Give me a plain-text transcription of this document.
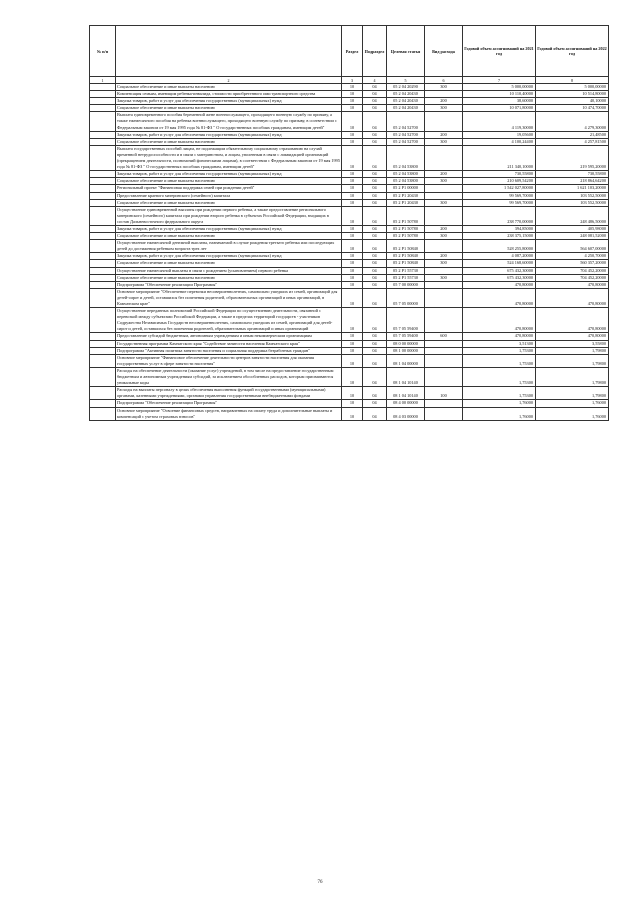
№ п/п		Раздел	Подраздел	Целевая статья	Вид расхода	Годовой объем ассигнований на 2021 год	Годовой объем ассигнований на 2022 год
1	2	3	4	5	6	7	8
	Социальное обеспечение и иные выплаты населению	10	04	05 2 04 20290	300	5 000,00000	5 000,00000
	Компенсация семьям, имеющим ребенка-инвалида, стоимости приобретенного ими транспортного средства	10	04	05 2 04 20430		10 110,40000	10 514,80000
	Закупка товаров, работ и услуг для обеспечения государственных (муниципальных) нужд	10	04	05 2 04 20430	200	38,60000	40,10000
	Социальное обеспечение и иные выплаты населению	10	04	05 2 04 20430	300	10 071,80000	10 474,70000
	Выплата единовременного пособия беременной жене военнослужащего, проходящего военную службу по призыву, а также ежемесячного пособия на ребенка военнослужащего, проходящего военную службу по призыву, в соответствии с Федеральным законом от 19 мая 1995 года № 81-ФЗ " О государственных пособиях гражданам, имеющим детей"	10	04	05 2 04 52700		4 119,30000	4 279,30000
	Закупка товаров, работ и услуг для обеспечения государственных (муниципальных) нужд	10	04	05 2 04 52700	200	19,05600	21,48500
	Социальное обеспечение и иные выплаты населению	10	04	05 2 04 52700	300	4 100,24400	4 257,81500
	Выплата государственных пособий лицам, не подлежащим обязательному социальному страхованию на случай временной нетрудоспособности и в связи с материнством, и лицам, уволенным в связи с ликвидацией организаций (прекращением деятельности, полномочий физическими лицами), в соответствии с Федеральным законом от 19 мая 1995 года № 81-ФЗ " О государственных пособиях гражданам, имеющим детей"	10	04	05 2 04 53800		211 340,10000	219 595,20000
	Закупка товаров, работ и услуг для обеспечения государственных (муниципальных) нужд	10	04	05 2 04 53800	200	730,55800	730,55800
	Социальное обеспечение и иные выплаты населению	10	04	05 2 04 53800	300	210 609,54200	218 864,64200
	Региональный проект "Финансовая поддержка семей при рождении детей"	10	04	05 2 P1 00000		1 542 027,80000	1 621 103,20000
	Предоставление краевого материнского (семейного) капитала	10	04	05 2 P1 20430		99 569,70000	103 552,50000
	Социальное обеспечение и иные выплаты населению	10	04	05 2 P1 20430	300	99 569,70000	103 552,50000
	Осуществление единовременной выплаты при рождении первого ребенка, а также предоставление регионального материнского (семейного) капитала при рождении второго ребенка в субъектах Российской Федерации, входящих в состав Дальневосточного федерального округа	10	04	05 2 P1 50780		238 770,00000	248 486,50000
	Закупка товаров, работ и услуг для обеспечения государственных (муниципальных) нужд	10	04	05 2 P1 50780	200	394,85000	405,98000
	Социальное обеспечение и иные выплаты населению	10	04	05 2 P1 50780	300	238 375,15000	248 081,52000
	Осуществление ежемесячной денежной выплаты, назначаемой в случае рождения третьего ребенка или последующих детей до достижения ребенком возраста трех лет	10	04	05 2 P1 50840		528 255,80000	564 607,00000
	Закупка товаров, работ и услуг для обеспечения государственных (муниципальных) нужд	10	04	05 2 P1 50840	200	4 087,20000	4 250,70000
	Социальное обеспечение и иные выплаты населению	10	04	05 2 P1 50840	300	524 168,60000	560 357,20000
	Осуществление ежемесячной выплаты в связи с рождением (усыновлением) первого ребенка	10	04	05 2 P1 55730		675 432,30000	704 452,20000
	Социальное обеспечение и иные выплаты населению	10	04	05 2 P1 55730	300	675 432,30000	704 452,20000
	Подпрограмма "Обеспечение реализации Программы"	10	04	05 7 00 00000		470,80000	470,80000
	Основное мероприятие "Обеспечение перевозки несовершеннолетних, самовольно ушедших из семей, организаций для детей-сирот и детей, оставшихся без попечения родителей, образовательных организаций и иных организаций, в Камчатском крае"	10	04	05 7 05 00000		470,80000	470,80000
	Осуществление переданных полномочий Российской Федерации по осуществлению деятельности, связанной с перевозкой между субъектами Российской Федерации, а также в пределах территорий государств - участников Содружества Независимых Государств несовершеннолетних, самовольно ушедших из семей, организаций для детей-сирот и детей, оставшихся без попечения родителей, образовательных организаций и иных организаций	10	04	05 7 05 59400		470,80000	470,80000
	Предоставление субсидий бюджетным, автономным учреждениям и иным некоммерческим организациям	10	04	05 7 05 59400	600	470,80000	470,80000
	Государственная программа Камчатского края "Содействие занятости населения Камчатского края"	10	04	08 0 00 00000		3,51300	3,55800
	Подпрограмма "Активная политика занятости населения и социальная поддержка безработных граждан"	10	04	08 1 00 00000		1,75300	1,79800
	Основное мероприятие "Финансовое обеспечение деятельности центров занятости населения для оказания государственных услуг в сфере занятости населения"	10	04	08 1 04 00000		1,75300	1,79800
	Расходы на обеспечение деятельности (оказание услуг) учреждений, в том числе на предоставление государственным бюджетным и автономным учреждениям субсидий, за исключением обособленных расходов, которым присваиваются уникальные коды	10	04	08 1 04 10140		1,75300	1,79800
	Расходы на выплаты персоналу в целях обеспечения выполнения функций государственными (муниципальными) органами, казенными учреждениями, органами управления государственными внебюджетными фондами	10	04	08 1 04 10140	100	1,75300	1,79800
	Подпрограмма "Обеспечение реализации Программы"	10	04	08 4 00 00000		1,76000	1,76000
	Основное мероприятие "Освоение финансовых средств, направленных на оплату труда и дополнительные выплаты и компенсаций с учетом страховых взносов"	10	04	08 4 03 00000		1,76000	1,76000
76
